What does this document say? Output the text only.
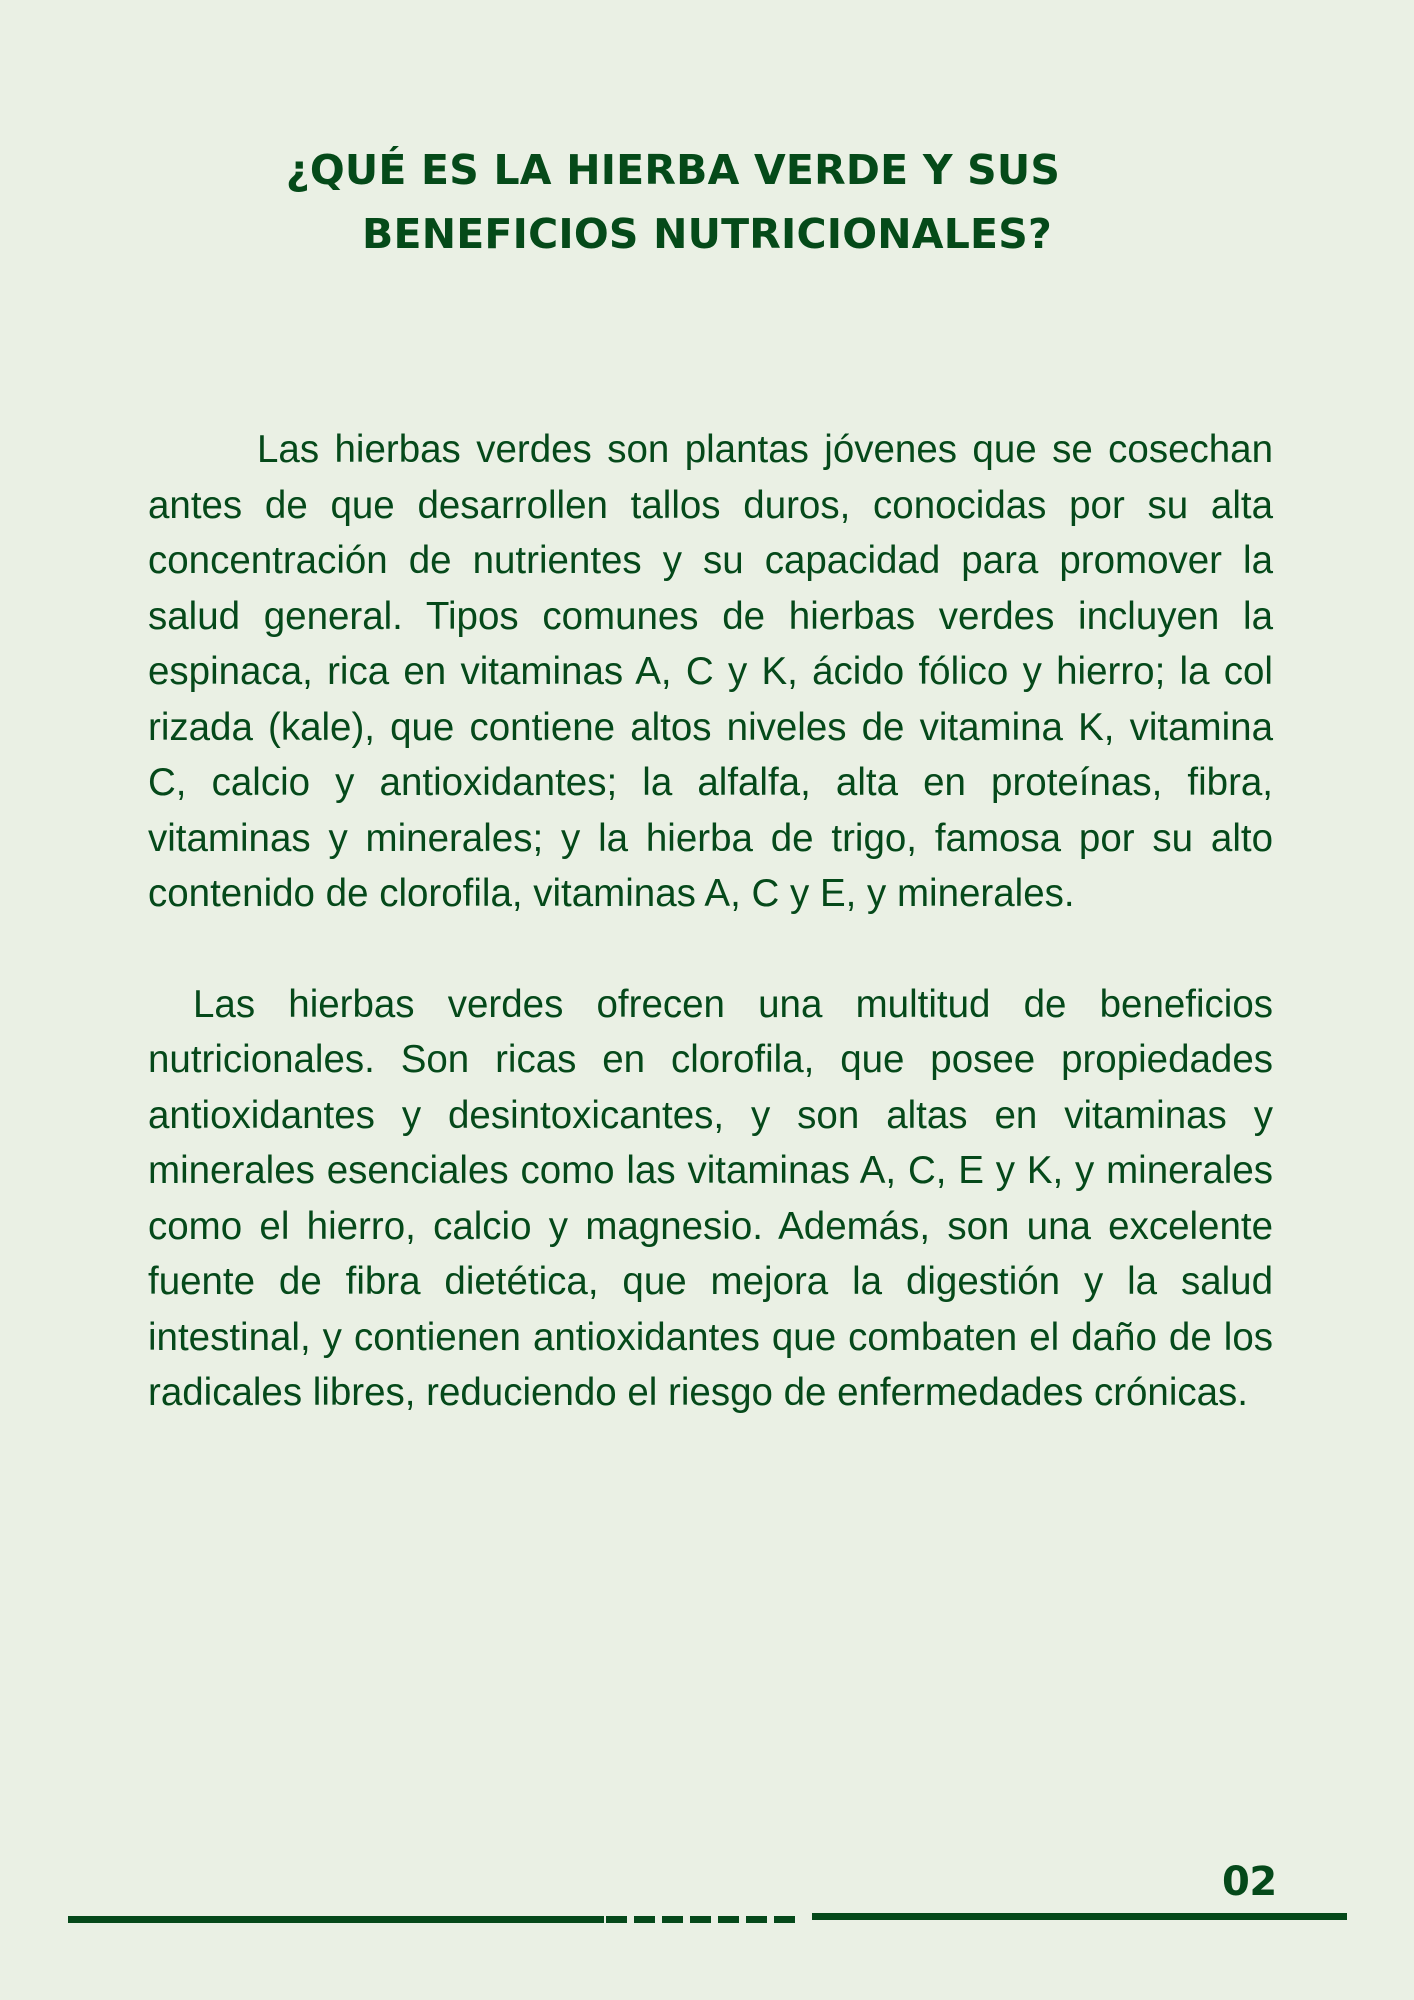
¿QUÉ ES LA HIERBA VERDE Y SUS
BENEFICIOS NUTRICIONALES?

Las hierbas verdes son plantas jóvenes que se cosechan antes de que desarrollen tallos duros, conocidas por su alta concentración de nutrientes y su capacidad para promover la salud general. Tipos comunes de hierbas verdes incluyen la espinaca, rica en vitaminas A, C y K, ácido fólico y hierro; la col rizada (kale), que contiene altos niveles de vitamina K, vitamina C, calcio y antioxidantes; la alfalfa, alta en proteínas, fibra, vitaminas y minerales; y la hierba de trigo, famosa por su alto contenido de clorofila, vitaminas A, C y E, y minerales.

Las hierbas verdes ofrecen una multitud de beneficios nutricionales. Son ricas en clorofila, que posee propiedades antioxidantes y desintoxicantes, y son altas en vitaminas y minerales esenciales como las vitaminas A, C, E y K, y minerales como el hierro, calcio y magnesio. Además, son una excelente fuente de fibra dietética, que mejora la digestión y la salud intestinal, y contienen antioxidantes que combaten el daño de los radicales libres, reduciendo el riesgo de enfermedades crónicas.

02
